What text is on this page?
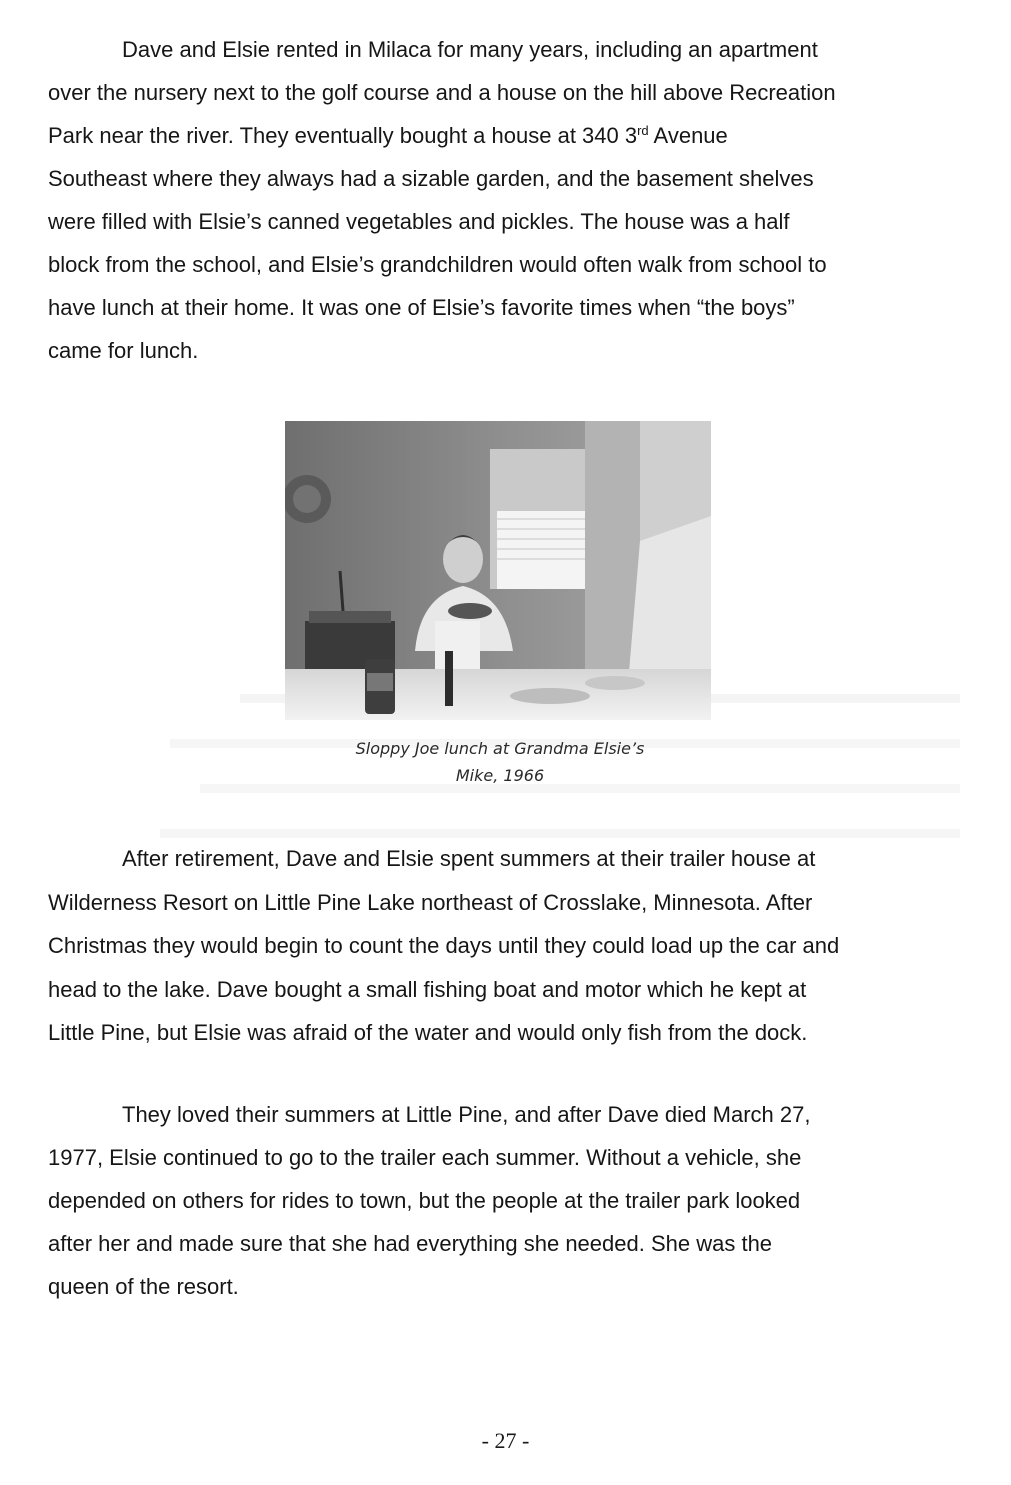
Dave and Elsie rented in Milaca for many years, including an apartment
over the nursery next to the golf course and a house on the hill above Recreation
Park near the river. They eventually bought a house at 340 3rd Avenue
Southeast where they always had a sizable garden, and the basement shelves
were filled with Elsie’s canned vegetables and pickles. The house was a half
block from the school, and Elsie’s grandchildren would often walk from school to
have lunch at their home. It was one of Elsie’s favorite times when “the boys”
came for lunch.
Sloppy Joe lunch at Grandma Elsie’s
Mike, 1966
After retirement, Dave and Elsie spent summers at their trailer house at
Wilderness Resort on Little Pine Lake northeast of Crosslake, Minnesota. After
Christmas they would begin to count the days until they could load up the car and
head to the lake. Dave bought a small fishing boat and motor which he kept at
Little Pine, but Elsie was afraid of the water and would only fish from the dock.
They loved their summers at Little Pine, and after Dave died March 27,
1977, Elsie continued to go to the trailer each summer. Without a vehicle, she
depended on others for rides to town, but the people at the trailer park looked
after her and made sure that she had everything she needed. She was the
queen of the resort.
- 27 -
